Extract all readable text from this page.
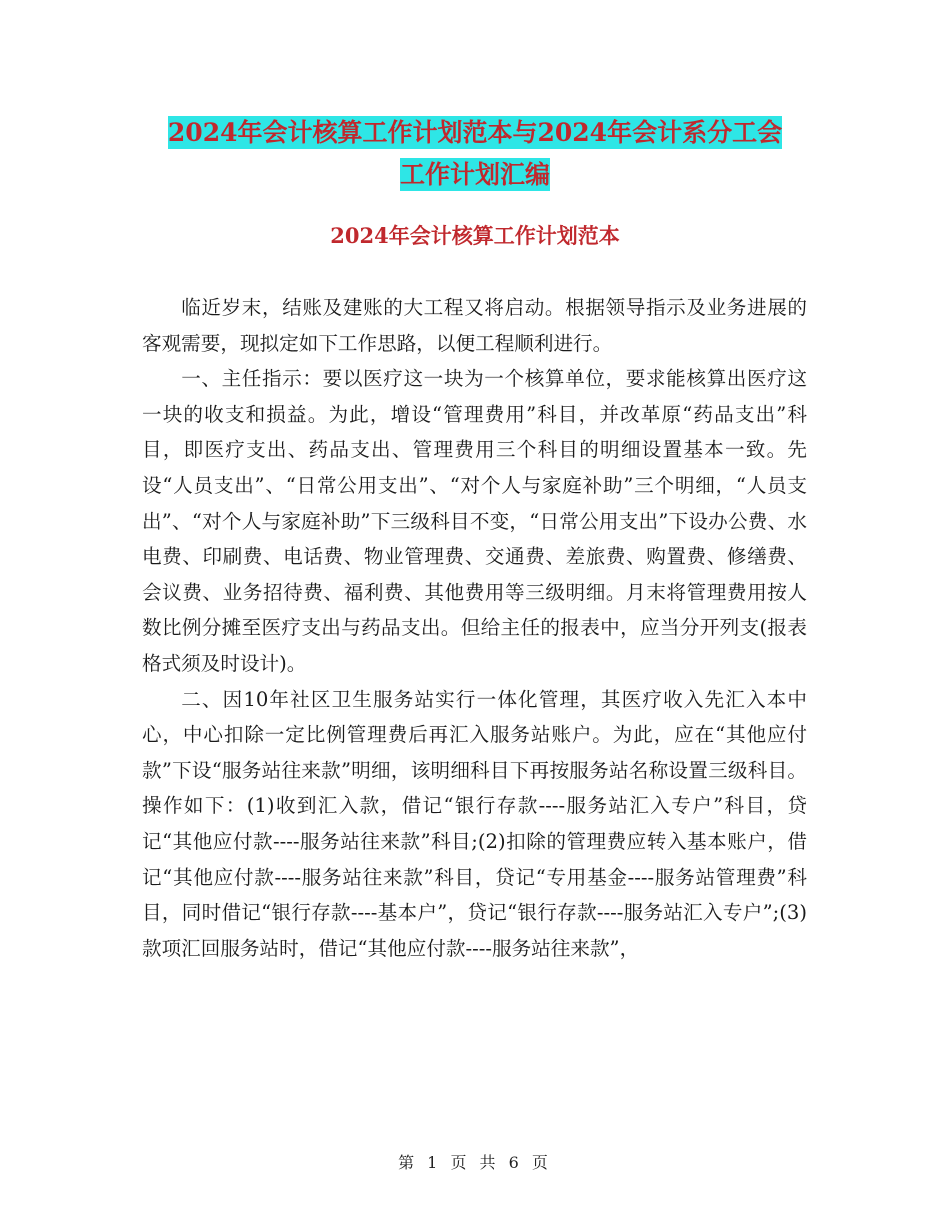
2024年会计核算工作计划范本与2024年会计系分工会
工作计划汇编
2024年会计核算工作计划范本

临近岁末，结账及建账的大工程又将启动。根据领导指示及业务进展的客观需要，现拟定如下工作思路，以便工程顺利进行。

一、主任指示：要以医疗这一块为一个核算单位，要求能核算出医疗这一块的收支和损益。为此，增设“管理费用”科目，并改革原“药品支出”科目，即医疗支出、药品支出、管理费用三个科目的明细设置基本一致。先设“人员支出”、“日常公用支出”、“对个人与家庭补助”三个明细，“人员支出”、“对个人与家庭补助”下三级科目不变，“日常公用支出”下设办公费、水电费、印刷费、电话费、物业管理费、交通费、差旅费、购置费、修缮费、会议费、业务招待费、福利费、其他费用等三级明细。月末将管理费用按人数比例分摊至医疗支出与药品支出。但给主任的报表中，应当分开列支(报表格式须及时设计)。

二、因10年社区卫生服务站实行一体化管理，其医疗收入先汇入本中心，中心扣除一定比例管理费后再汇入服务站账户。为此，应在“其他应付款”下设“服务站往来款”明细，该明细科目下再按服务站名称设置三级科目。操作如下：(1)收到汇入款，借记“银行存款----服务站汇入专户”科目，贷记“其他应付款----服务站往来款”科目;(2)扣除的管理费应转入基本账户，借记“其他应付款----服务站往来款”科目，贷记“专用基金----服务站管理费”科目，同时借记“银行存款----基本户”，贷记“银行存款----服务站汇入专户”;(3)款项汇回服务站时，借记“其他应付款----服务站往来款”，

第 1 页 共 6 页
